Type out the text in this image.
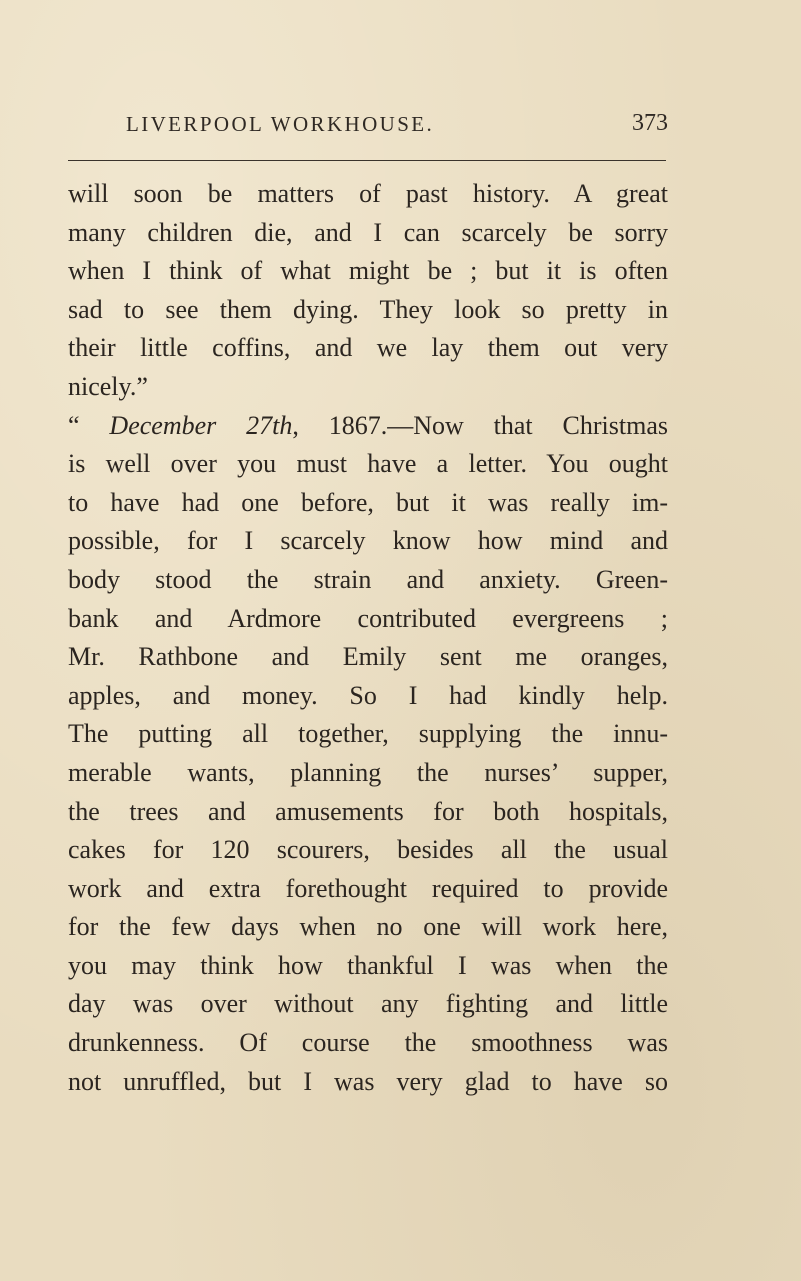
LIVERPOOL WORKHOUSE.	373
will soon be matters of past history. A great
many children die, and I can scarcely be sorry
when I think of what might be ; but it is often
sad to see them dying. They look so pretty in
their little coffins, and we lay them out very
nicely.”
“ December 27th, 1867.—Now that Christmas
is well over you must have a letter. You ought
to have had one before, but it was really im-
possible, for I scarcely know how mind and
body stood the strain and anxiety. Green-
bank and Ardmore contributed evergreens ;
Mr. Rathbone and Emily sent me oranges,
apples, and money. So I had kindly help.
The putting all together, supplying the innu-
merable wants, planning the nurses’ supper,
the trees and amusements for both hospitals,
cakes for 120 scourers, besides all the usual
work and extra forethought required to provide
for the few days when no one will work here,
you may think how thankful I was when the
day was over without any fighting and little
drunkenness. Of course the smoothness was
not unruffled, but I was very glad to have so
